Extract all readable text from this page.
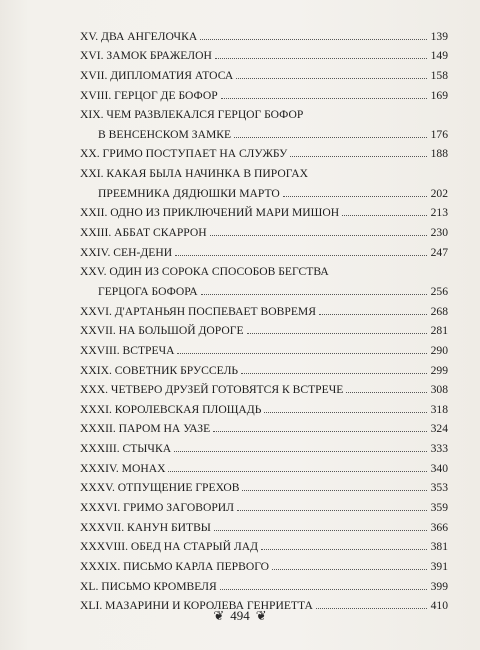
XV. ДВА АНГЕЛОЧКА	139
XVI. ЗАМОК БРАЖЕЛОН	149
XVII. ДИПЛОМАТИЯ АТОСА	158
XVIII. ГЕРЦОГ ДЕ БОФОР	169
XIX. ЧЕМ РАЗВЛЕКАЛСЯ ГЕРЦОГ БОФОР
В ВЕНСЕНСКОМ ЗАМКЕ	176
XX. ГРИМО ПОСТУПАЕТ НА СЛУЖБУ	188
XXI. КАКАЯ БЫЛА НАЧИНКА В ПИРОГАХ
ПРЕЕМНИКА ДЯДЮШКИ МАРТО	202
XXII. ОДНО ИЗ ПРИКЛЮЧЕНИЙ МАРИ МИШОН	213
XXIII. АББАТ СКАРРОН	230
XXIV. СЕН-ДЕНИ	247
XXV. ОДИН ИЗ СОРОКА СПОСОБОВ БЕГСТВА
ГЕРЦОГА БОФОРА	256
XXVI. Д'АРТАНЬЯН ПОСПЕВАЕТ ВОВРЕМЯ	268
XXVII. НА БОЛЬШОЙ ДОРОГЕ	281
XXVIII. ВСТРЕЧА	290
XXIX. СОВЕТНИК БРУССЕЛЬ	299
XXX. ЧЕТВЕРО ДРУЗЕЙ ГОТОВЯТСЯ К ВСТРЕЧЕ	308
XXXI. КОРОЛЕВСКАЯ ПЛОЩАДЬ	318
XXXII. ПАРОМ НА УАЗЕ	324
XXXIII. СТЫЧКА	333
XXXIV. МОНАХ	340
XXXV. ОТПУЩЕНИЕ ГРЕХОВ	353
XXXVI. ГРИМО ЗАГОВОРИЛ	359
XXXVII. КАНУН БИТВЫ	366
XXXVIII. ОБЕД НА СТАРЫЙ ЛАД	381
XXXIX. ПИСЬМО КАРЛА ПЕРВОГО	391
XL. ПИСЬМО КРОМВЕЛЯ	399
XLI. МАЗАРИНИ И КОРОЛЕВА ГЕНРИЕТТА	410
❦ 494 ❦
